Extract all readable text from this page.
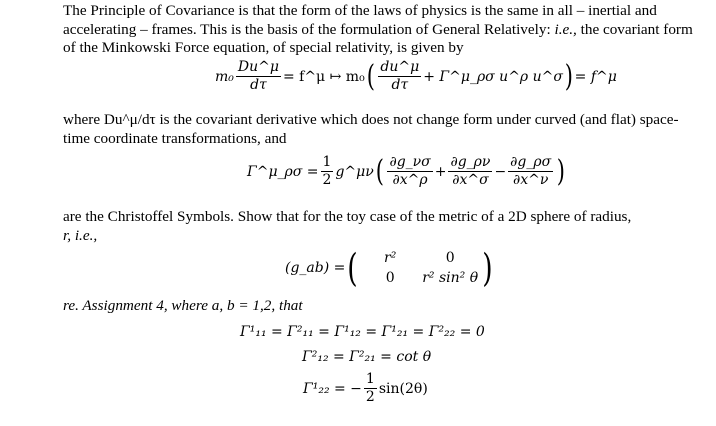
The Principle of Covariance is that the form of the laws of physics is the same in all – inertial and accelerating – frames. This is the basis of the formulation of General Relatively: i.e., the covariant form of the Minkowski Force equation, of special relativity, is given by
$m_0 \frac{Du\^{}\mu}{d\tau}$ = f^μ ↦ m₀ ( $\frac{du\^{}\mu}{d\tau}$ + Γ^μ_ρσ u^ρ u^σ ) = f^μ
where Du^μ/dτ is the covariant derivative which does not change form under curved (and flat) space-time coordinate transformations, and
Γ^μ_ρσ = $\frac{1}{2}$ g^μν ( $\frac{\partial g\_\nu\sigma}{\partial x\^{}\rho} + \frac{\partial g\_\rho\nu}{\partial x\^{}\sigma} - \frac{\partial g\_\rho\sigma}{\partial x\^{}\nu}$ )
are the Christoffel Symbols. Show that for the toy case of the metric of a 2D sphere of radius,
r, i.e.,
(g_ab) = ( r²	0
0 r² sin² θ )
re. Assignment 4, where a, b = 1,2, that
Γ¹₁₁ = Γ²₁₁ = Γ¹₁₂ = Γ¹₂₁ = Γ²₂₂ = 0
Γ²₁₂ = Γ²₂₁ = cot θ
Γ¹₂₂ = − $\frac{1}{2} \sin(2\theta)$
